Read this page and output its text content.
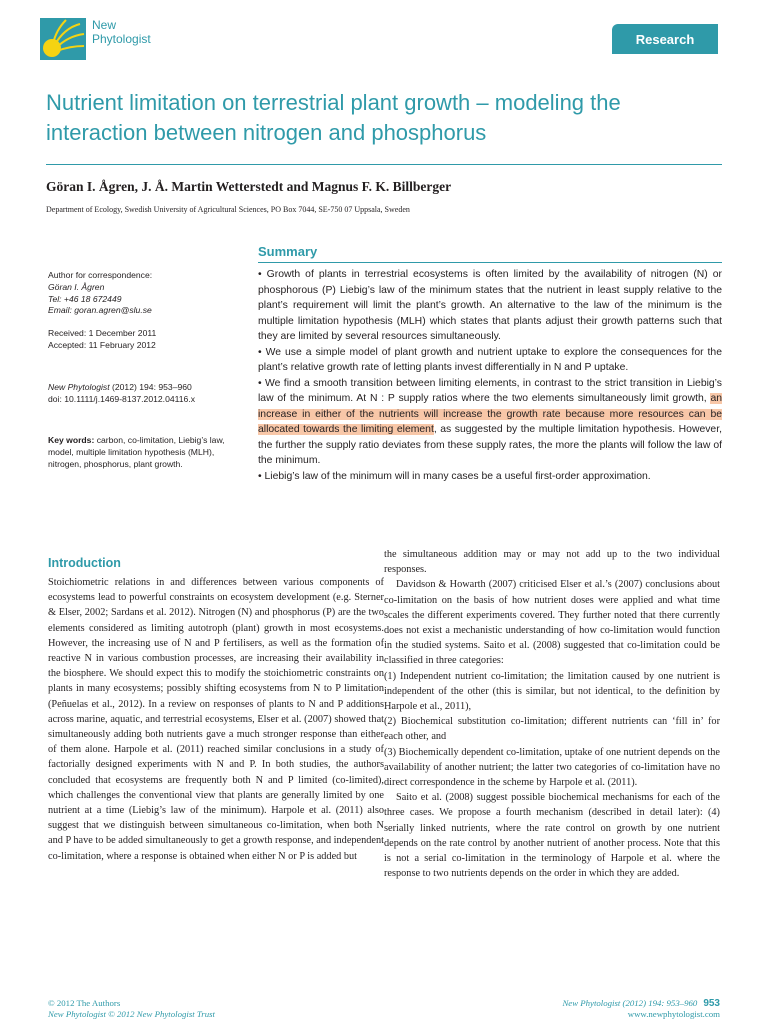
New
Phytologist	Research
Nutrient limitation on terrestrial plant growth – modeling the
interaction between nitrogen and phosphorus
Göran I. Ågren, J. Å. Martin Wetterstedt and Magnus F. K. Billberger
Department of Ecology, Swedish University of Agricultural Sciences, PO Box 7044, SE-750 07 Uppsala, Sweden

Author for correspondence:

Göran I. Ågren

Tel: +46 18 672449

Email: goran.agren@slu.se

Received: 1 December 2011

Accepted: 11 February 2012

New Phytologist (2012) 194: 953–960

doi: 10.1111/j.1469-8137.2012.04116.x

Key words: carbon, co-limitation, Liebig’s law, model, multiple limitation hypothesis (MLH), nitrogen, phosphorus, plant growth.

Summary

• Growth of plants in terrestrial ecosystems is often limited by the availability of nitrogen (N) or phosphorous (P) Liebig’s law of the minimum states that the nutrient in least supply relative to the plant’s requirement will limit the plant’s growth. An alternative to the law of the minimum is the multiple limitation hypothesis (MLH) which states that plants adjust their growth patterns such that they are limited by several resources simultaneously.

• We use a simple model of plant growth and nutrient uptake to explore the consequences for the plant’s relative growth rate of letting plants invest differentially in N and P uptake.

• We find a smooth transition between limiting elements, in contrast to the strict transition in Liebig’s law of the minimum. At N : P supply ratios where the two elements simultaneously limit growth, an increase in either of the nutrients will increase the growth rate because more resources can be allocated towards the limiting element, as suggested by the multiple limitation hypothesis. However, the further the supply ratio deviates from these supply rates, the more the plants will follow the law of the minimum.

• Liebig’s law of the minimum will in many cases be a useful first-order approximation.

Introduction

Stoichiometric relations in and differences between various components of ecosystems lead to powerful constraints on ecosystem development (e.g. Sterner & Elser, 2002; Sardans et al. 2012). Nitrogen (N) and phosphorus (P) are the two elements considered as limiting autotroph (plant) growth in most ecosystems. However, the increasing use of N and P fertilisers, as well as the formation of reactive N in various combustion processes, are increasing their availability in the biosphere. We should expect this to modify the stoichiometric constraints on plants in many ecosystems; possibly shifting ecosystems from N to P limitation (Peñuelas et al., 2012). In a review on responses of plants to N and P additions across marine, aquatic, and terrestrial ecosystems, Elser et al. (2007) showed that simultaneously adding both nutrients gave a much stronger response than either of them alone. Harpole et al. (2011) reached similar conclusions in a study of factorially designed experiments with N and P. In both studies, the authors concluded that ecosystems are frequently both N and P limited (co-limited), which challenges the conventional view that plants are generally limited by one nutrient at a time (Liebig’s law of the minimum). Harpole et al. (2011) also suggest that we distinguish between simultaneous co-limitation, when both N and P have to be added simultaneously to get a growth response, and independent co-limitation, where a response is obtained when either N or P is added but

the simultaneous addition may or may not add up to the two individual responses.

Davidson & Howarth (2007) criticised Elser et al.’s (2007) conclusions about co-limitation on the basis of how nutrient doses were applied and what time scales the different experiments covered. They further noted that there currently does not exist a mechanistic understanding of how co-limitation would function in the studied systems. Saito et al. (2008) suggested that co-limitation could be classified in three categories:

(1) Independent nutrient co-limitation; the limitation caused by one nutrient is independent of the other (this is similar, but not identical, to the definition by Harpole et al., 2011),

(2) Biochemical substitution co-limitation; different nutrients can ‘fill in’ for each other, and

(3) Biochemically dependent co-limitation, uptake of one nutrient depends on the availability of another nutrient; the latter two categories of co-limitation have no direct correspondence in the scheme by Harpole et al. (2011).

Saito et al. (2008) suggest possible biochemical mechanisms for each of the three cases. We propose a fourth mechanism (described in detail later): (4) serially linked nutrients, where the rate control on growth by one nutrient depends on the rate control by another nutrient of another process. Note that this is not a serial co-limitation in the terminology of Harpole et al. where the response to two nutrients depends on the order in which they are added.

© 2012 The Authors
New Phytologist © 2012 New Phytologist Trust
New Phytologist (2012) 194: 953–960 953
www.newphytologist.com
